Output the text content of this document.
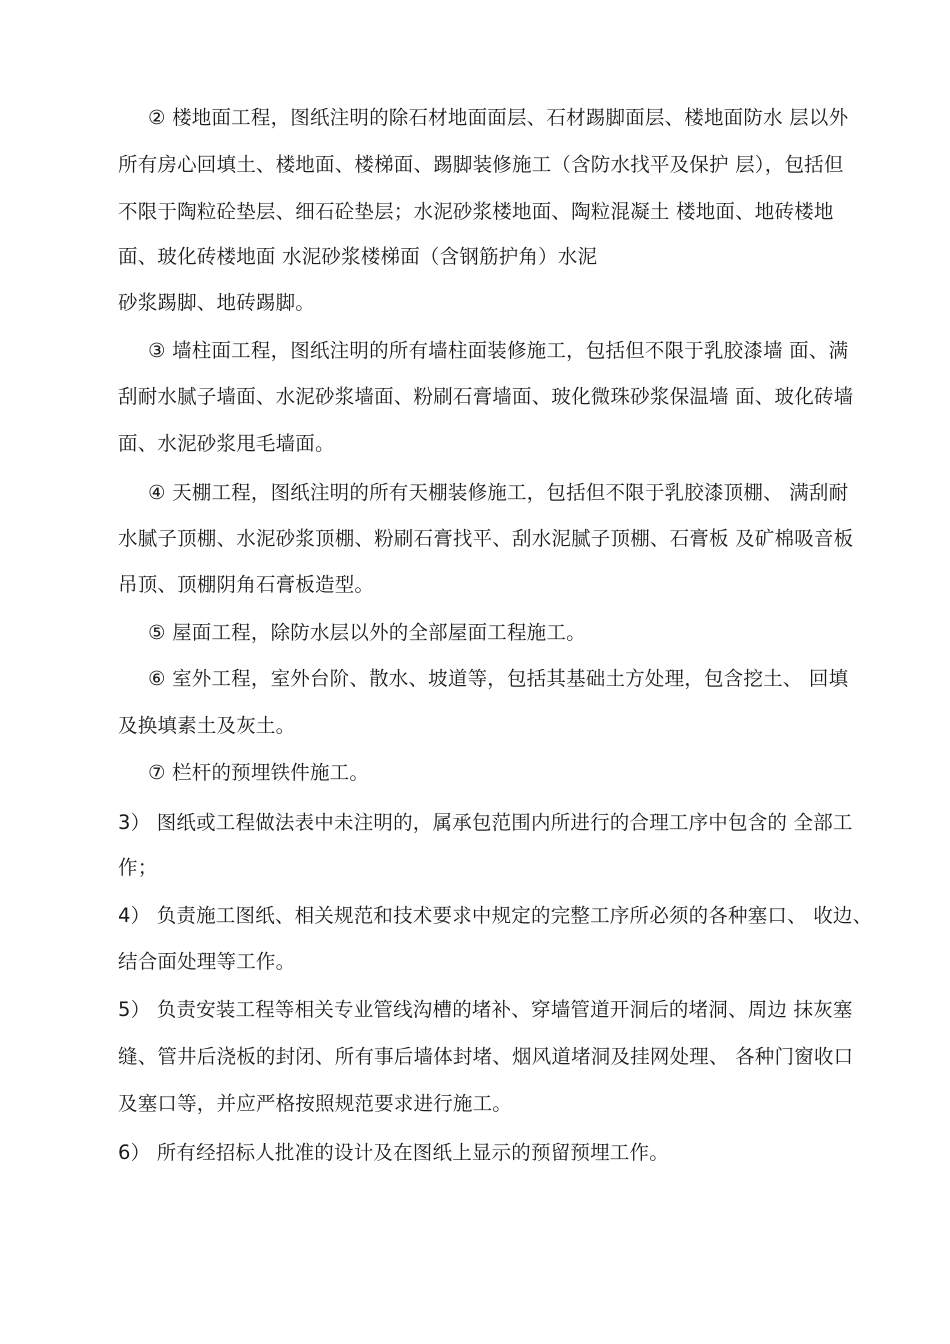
② 楼地面工程，图纸注明的除石材地面面层、石材踢脚面层、楼地面防水 层以外
所有房心回填土、楼地面、楼梯面、踢脚装修施工（含防水找平及保护 层），包括但
不限于陶粒砼垫层、细石砼垫层；水泥砂浆楼地面、陶粒混凝土 楼地面、地砖楼地
面、玻化砖楼地面 水泥砂浆楼梯面（含钢筋护角）水泥
砂浆踢脚、地砖踢脚。
③ 墙柱面工程，图纸注明的所有墙柱面装修施工，包括但不限于乳胶漆墙 面、满
刮耐水腻子墙面、水泥砂浆墙面、粉刷石膏墙面、玻化微珠砂浆保温墙 面、玻化砖墙
面、水泥砂浆甩毛墙面。
④ 天棚工程，图纸注明的所有天棚装修施工，包括但不限于乳胶漆顶棚、 满刮耐
水腻子顶棚、水泥砂浆顶棚、粉刷石膏找平、刮水泥腻子顶棚、石膏板 及矿棉吸音板
吊顶、顶棚阴角石膏板造型。
⑤ 屋面工程，除防水层以外的全部屋面工程施工。
⑥ 室外工程，室外台阶、散水、坡道等，包括其基础土方处理，包含挖土、 回填
及换填素土及灰土。
⑦ 栏杆的预埋铁件施工。
3） 图纸或工程做法表中未注明的，属承包范围内所进行的合理工序中包含的 全部工
作；
4） 负责施工图纸、相关规范和技术要求中规定的完整工序所必须的各种塞口、 收边、
结合面处理等工作。
5） 负责安装工程等相关专业管线沟槽的堵补、穿墙管道开洞后的堵洞、周边 抹灰塞
缝、管井后浇板的封闭、所有事后墙体封堵、烟风道堵洞及挂网处理、 各种门窗收口
及塞口等，并应严格按照规范要求进行施工。
6） 所有经招标人批准的设计及在图纸上显示的预留预埋工作。
